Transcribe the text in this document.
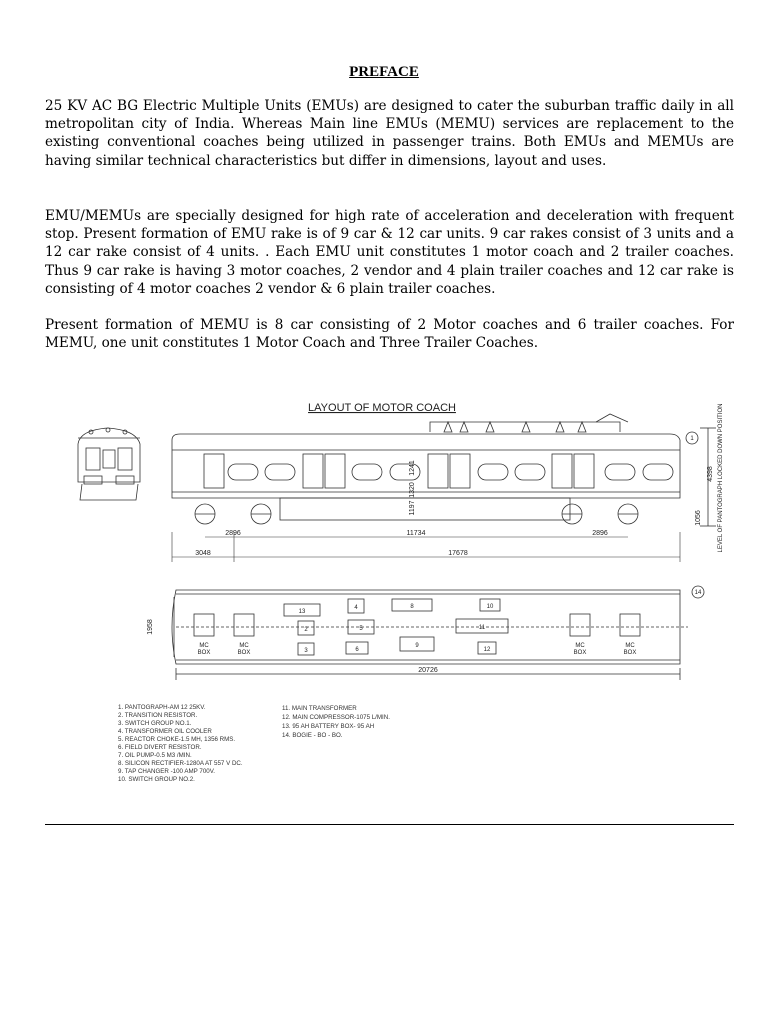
PREFACE

25 KV AC BG Electric Multiple Units (EMUs) are designed to cater the suburban traffic daily in all metropolitan city of India. Whereas Main line EMUs (MEMU) services are replacement to the existing conventional coaches being utilized in passenger trains. Both EMUs and MEMUs are having similar technical characteristics but differ in dimensions, layout and uses.

EMU/MEMUs are specially designed for high rate of acceleration and deceleration with frequent stop. Present formation of EMU rake is of 9 car & 12 car units. 9 car rakes consist of 3 units and a 12 car rake consist of 4 units. . Each EMU unit constitutes 1 motor coach and 2 trailer coaches. Thus 9 car rake is having 3 motor coaches, 2 vendor and 4 plain trailer coaches and 12 car rake is consisting of 4 motor coaches 2 vendor & 6 plain trailer coaches.

Present formation of MEMU is 8 car consisting of 2 Motor coaches and 6 trailer coaches. For MEMU, one unit constitutes 1 Motor Coach and Three Trailer Coaches.

LAYOUT OF MOTOR COACH
1
4398 LEVEL OF PANTOGRAPH LOCKED DOWN POSITION
1056
1241
1320
1197
2896	11734	2896
3048	17678
14
1958
20726
MC
BOX
MC
BOX
MC
BOX
MC
BOX
13
4	8	10
2	5	11
3	6
9
12
1. PANTOGRAPH-AM 12 25KV.
2. TRANSITION RESISTOR.
3. SWITCH GROUP NO.1.
4. TRANSFORMER OIL COOLER
5. REACTOR CHOKE-1.5 MH, 1356 RMS.
6. FIELD DIVERT RESISTOR.
7. OIL PUMP-0.5 M3 /MIN.
8. SILICON RECTIFIER-1280A AT 557 V DC.
9. TAP CHANGER -100 AMP 700V.
10. SWITCH GROUP NO.2.
11. MAIN TRANSFORMER
12. MAIN COMPRESSOR-1075 L/MIN.
13. 95 AH BATTERY BOX- 95 AH
14. BOGIE - BO - BO.
